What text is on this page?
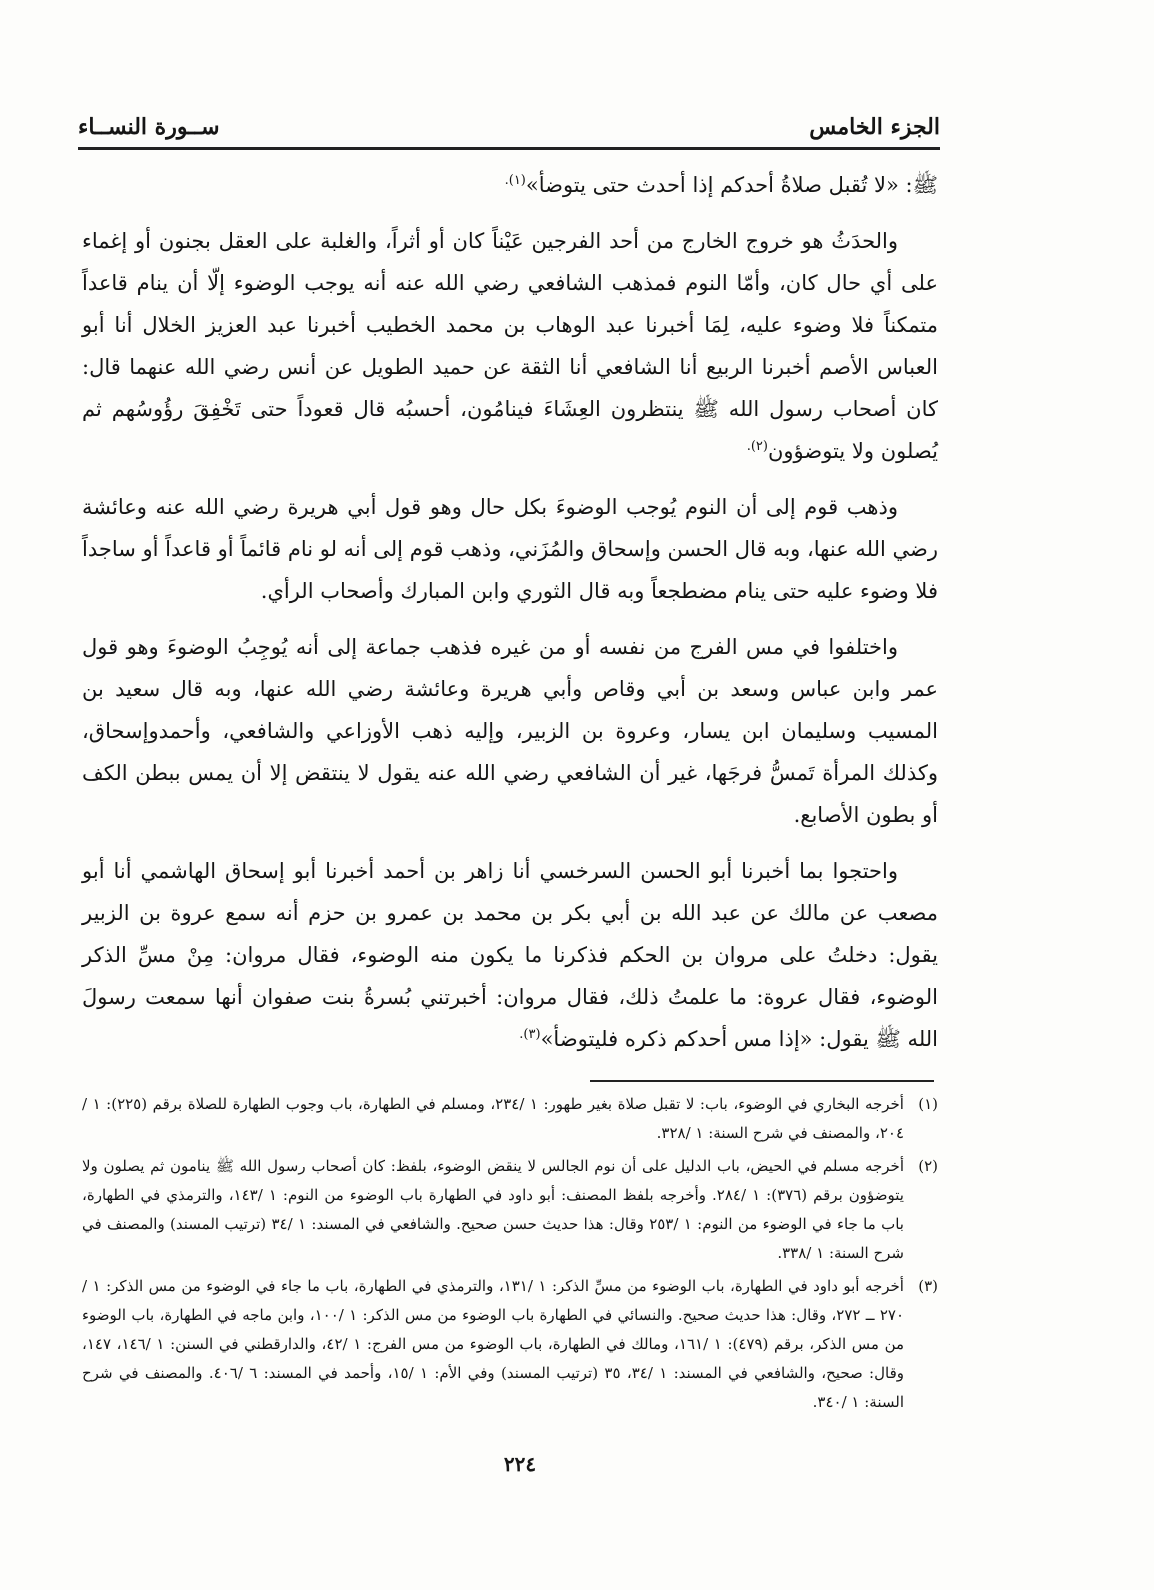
الجزء الخامس
ســورة النســاء

ﷺ: «لا تُقبل صلاةُ أحدكم إذا أحدث حتى يتوضأ»$^{(١).}$

والحدَثُ هو خروج الخارج من أحد الفرجين عَيْناً كان أو أثراً، والغلبة على العقل بجنون أو إغماء على أي حال كان، وأمّا النوم فمذهب الشافعي رضي الله عنه أنه يوجب الوضوء إلّا أن ينام قاعداً متمكناً فلا وضوء عليه، لِمَا أخبرنا عبد الوهاب بن محمد الخطيب أخبرنا عبد العزيز الخلال أنا أبو العباس الأصم أخبرنا الربيع أنا الشافعي أنا الثقة عن حميد الطويل عن أنس رضي الله عنهما قال: كان أصحاب رسول الله ﷺ ينتظرون العِشَاءَ فينامُون، أحسبُه قال قعوداً حتى تَخْفِقَ رؤُوسُهم ثم يُصلون ولا يتوضؤون$^{(٢).}$

وذهب قوم إلى أن النوم يُوجب الوضوءَ بكل حال وهو قول أبي هريرة رضي الله عنه وعائشة رضي الله عنها، وبه قال الحسن وإسحاق والمُزَني، وذهب قوم إلى أنه لو نام قائماً أو قاعداً أو ساجداً فلا وضوء عليه حتى ينام مضطجعاً وبه قال الثوري وابن المبارك وأصحاب الرأي.

واختلفوا في مس الفرج من نفسه أو من غيره فذهب جماعة إلى أنه يُوجِبُ الوضوءَ وهو قول عمر وابن عباس وسعد بن أبي وقاص وأبي هريرة وعائشة رضي الله عنها، وبه قال سعيد بن المسيب وسليمان ابن يسار، وعروة بن الزبير، وإليه ذهب الأوزاعي والشافعي، وأحمدوإسحاق، وكذلك المرأة تَمسُّ فرجَها، غير أن الشافعي رضي الله عنه يقول لا ينتقض إلا أن يمس ببطن الكف أو بطون الأصابع.

واحتجوا بما أخبرنا أبو الحسن السرخسي أنا زاهر بن أحمد أخبرنا أبو إسحاق الهاشمي أنا أبو مصعب عن مالك عن عبد الله بن أبي بكر بن محمد بن عمرو بن حزم أنه سمع عروة بن الزبير يقول: دخلتُ على مروان بن الحكم فذكرنا ما يكون منه الوضوء، فقال مروان: مِنْ مسِّ الذكر الوضوء، فقال عروة: ما علمتُ ذلك، فقال مروان: أخبرتني بُسرةُ بنت صفوان أنها سمعت رسولَ الله ﷺ يقول: «إذا مس أحدكم ذكره فليتوضأ»$^{(٣).}$

(١)
أخرجه البخاري في الوضوء، باب: لا تقبل صلاة بغير طهور: ١ /٢٣٤، ومسلم في الطهارة، باب وجوب الطهارة للصلاة برقم (٢٢٥): ١ /٢٠٤، والمصنف في شرح السنة: ١ /٣٢٨.
(٢)
أخرجه مسلم في الحيض، باب الدليل على أن نوم الجالس لا ينقض الوضوء، بلفظ: كان أصحاب رسول الله ﷺ ينامون ثم يصلون ولا يتوضؤون برقم (٣٧٦): ١ /٢٨٤. وأخرجه بلفظ المصنف: أبو داود في الطهارة باب الوضوء من النوم: ١ /١٤٣، والترمذي في الطهارة، باب ما جاء في الوضوء من النوم: ١ /٢٥٣ وقال: هذا حديث حسن صحيح. والشافعي في المسند: ١ /٣٤ (ترتيب المسند) والمصنف في شرح السنة: ١ /٣٣٨.
(٣)
أخرجه أبو داود في الطهارة، باب الوضوء من مسِّ الذكر: ١ /١٣١، والترمذي في الطهارة، باب ما جاء في الوضوء من مس الذكر: ١ /٢٧٠ ــ ٢٧٢، وقال: هذا حديث صحيح. والنسائي في الطهارة باب الوضوء من مس الذكر: ١ /١٠٠، وابن ماجه في الطهارة، باب الوضوء من مس الذكر، برقم (٤٧٩): ١ /١٦١، ومالك في الطهارة، باب الوضوء من مس الفرج: ١ /٤٢، والدارقطني في السنن: ١ /١٤٦، ١٤٧، وقال: صحيح، والشافعي في المسند: ١ /٣٤، ٣٥ (ترتيب المسند) وفي الأم: ١ /١٥، وأحمد في المسند: ٦ /٤٠٦. والمصنف في شرح السنة: ١ /٣٤٠.
٢٢٤
